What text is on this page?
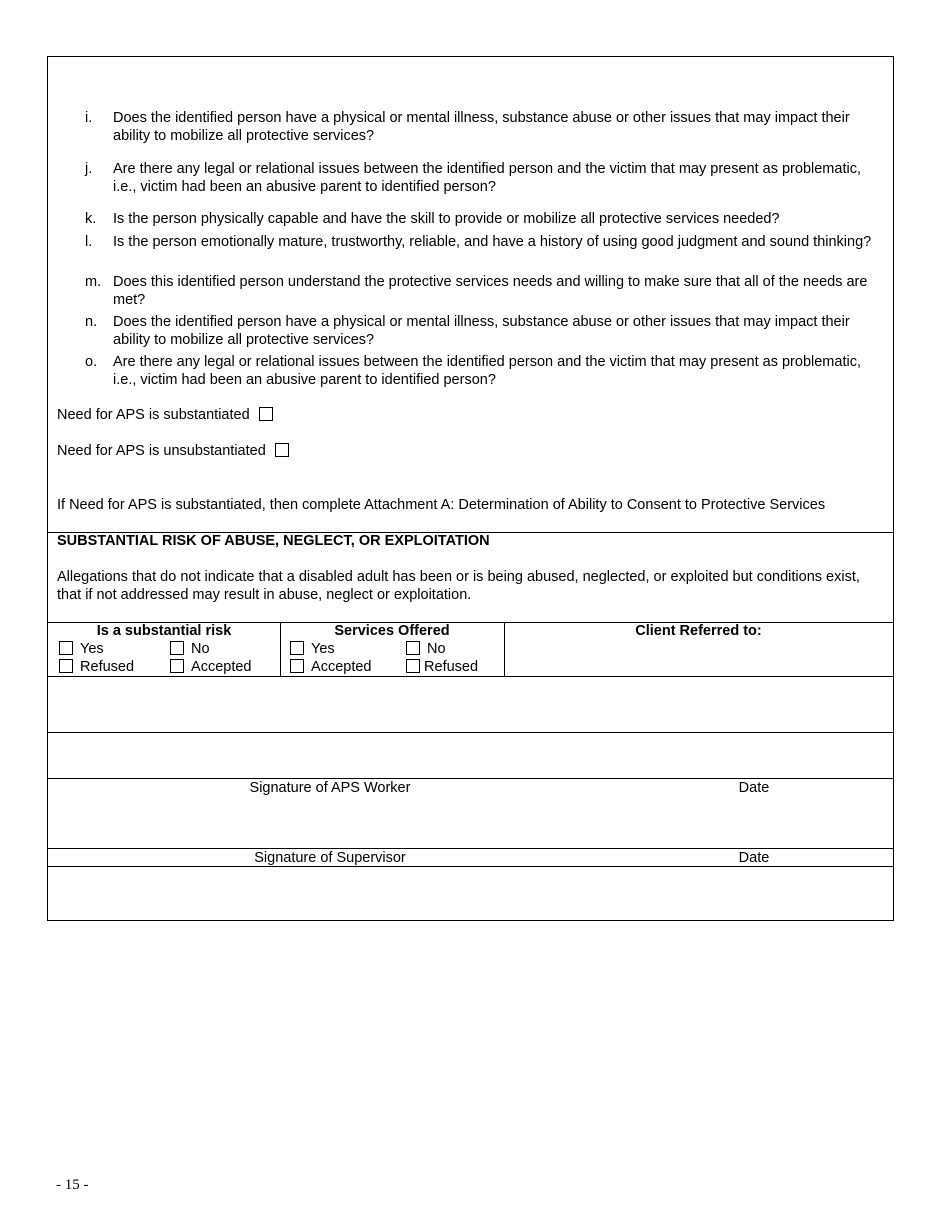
i.	Does the identified person have a physical or mental illness, substance abuse or other issues that may impact their ability to mobilize all protective services?
j.	Are there any legal or relational issues between the identified person and the victim that may present as problematic, i.e., victim had been an abusive parent to identified person?
k.	Is the person physically capable and have the skill to provide or mobilize all protective services needed?
l.	Is the person emotionally mature, trustworthy, reliable, and have a history of using good judgment and sound thinking?
m. Does this identified person understand the protective services needs and willing to make sure that all of the needs are met?
n.	Does the identified person have a physical or mental illness, substance abuse or other issues that may impact their ability to mobilize all protective services?
o.	Are there any legal or relational issues between the identified person and the victim that may present as problematic, i.e., victim had been an abusive parent to identified person?
Need for APS is substantiated
Need for APS is unsubstantiated
If Need for APS is substantiated, then complete Attachment A: Determination of Ability to Consent to Protective Services
SUBSTANTIAL RISK OF ABUSE, NEGLECT, OR EXPLOITATION
Allegations that do not indicate that a disabled adult has been or is being abused, neglected, or exploited but conditions exist, that if not addressed may result in abuse, neglect or exploitation.
Is a substantial risk
Yes	No
Refused	Accepted
Services Offered
Yes	No
Accepted	Refused
Client Referred to:
Signature of APS Worker	Date
Signature of Supervisor	Date
- 15 -
